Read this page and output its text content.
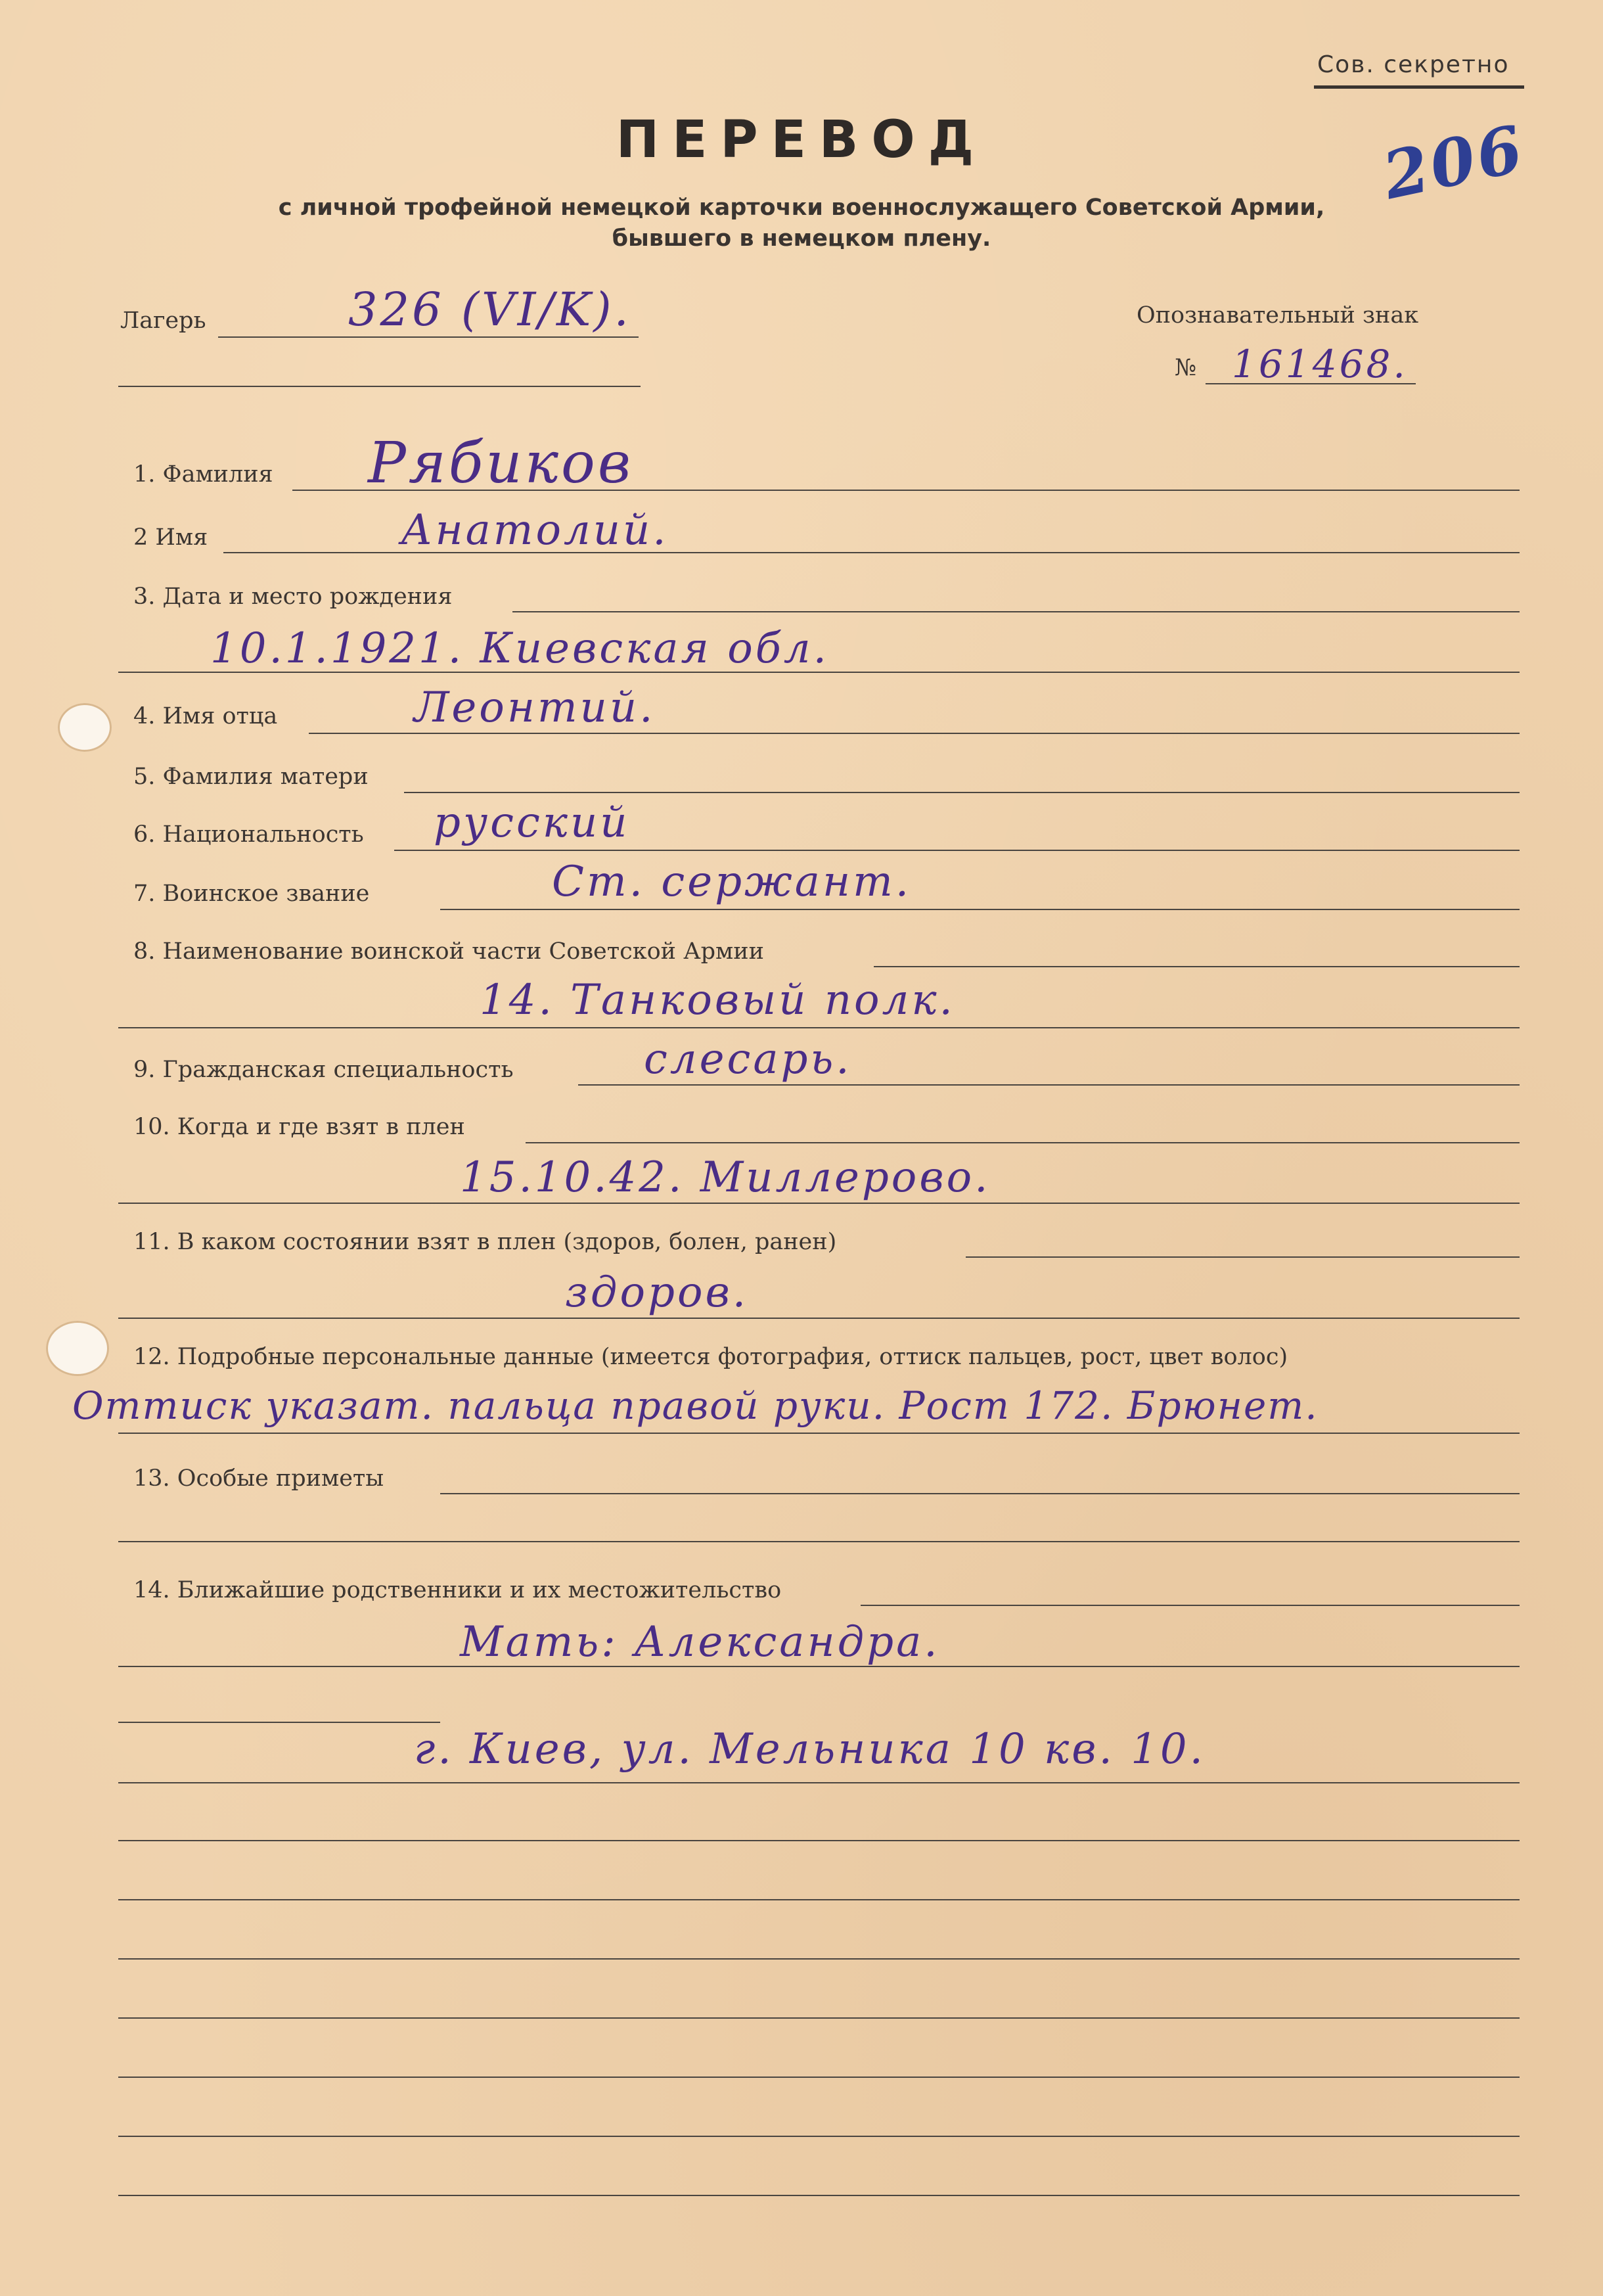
Сов. секретно
206
ПЕРЕВОД
с личной трофейной немецкой карточки военнослужащего Советской Армии,
бывшего в немецком плену.
Лагерь	326 (VI/K).	Опознавательный знак
№ 161468.
1. Фамилия Рябиков
2 Имя	Анатолий.
3. Дата и место рождения
10.1.1921. Киевская обл.
4. Имя отца	Леонтий.
5. Фамилия матери
6. Национальность русский
7. Воинское звание	Ст. сержант.
8. Наименование воинской части Советской Армии
14. Танковый полк.
9. Гражданская специальность	слесарь.
10. Когда и где взят в плен
15.10.42. Миллерово.
11. В каком состоянии взят в плен (здоров, болен, ранен)
здоров.
12. Подробные персональные данные (имеется фотография, оттиск пальцев, рост, цвет волос)
Оттиск указат. пальца правой руки. Рост 172. Брюнет.
13. Особые приметы
14. Ближайшие родственники и их местожительство
Мать: Александра.
г. Киев, ул. Мельника 10 кв. 10.
